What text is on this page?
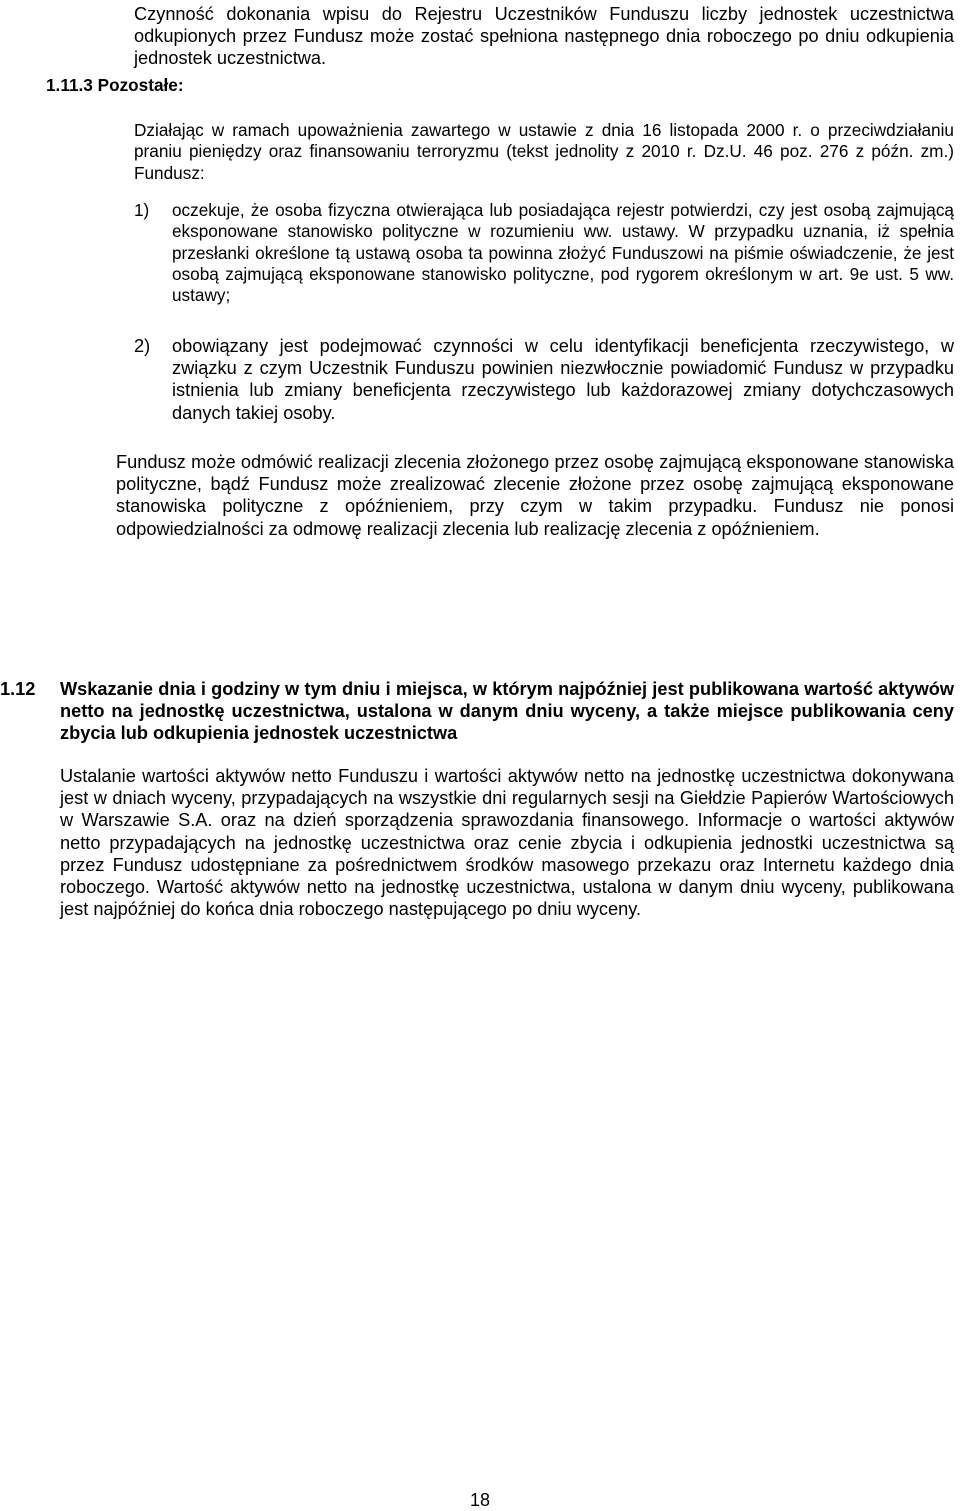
Czynność dokonania wpisu do Rejestru Uczestników Funduszu liczby jednostek uczestnictwa odkupionych przez Fundusz może zostać spełniona następnego dnia roboczego po dniu odkupienia jednostek uczestnictwa.

1.11.3 Pozostałe:

Działając w ramach upoważnienia zawartego w ustawie z dnia 16 listopada 2000 r. o przeciwdziałaniu praniu pieniędzy oraz finansowaniu terroryzmu (tekst jednolity z 2010 r. Dz.U. 46 poz. 276 z późn. zm.) Fundusz:

1)	oczekuje, że osoba fizyczna otwierająca lub posiadająca rejestr potwierdzi, czy jest osobą zajmującą eksponowane stanowisko polityczne w rozumieniu ww. ustawy. W przypadku uznania, iż spełnia przesłanki określone tą ustawą osoba ta powinna złożyć Funduszowi na piśmie oświadczenie, że jest osobą zajmującą eksponowane stanowisko polityczne, pod rygorem określonym w art. 9e ust. 5 ww. ustawy;
2)	obowiązany jest podejmować czynności w celu identyfikacji beneficjenta rzeczywistego, w związku z czym Uczestnik Funduszu powinien niezwłocznie powiadomić Fundusz w przypadku istnienia lub zmiany beneficjenta rzeczywistego lub każdorazowej zmiany dotychczasowych danych takiej osoby.

Fundusz może odmówić realizacji zlecenia złożonego przez osobę zajmującą eksponowane stanowiska polityczne, bądź Fundusz może zrealizować zlecenie złożone przez osobę zajmującą eksponowane stanowiska polityczne z opóźnieniem, przy czym w takim przypadku. Fundusz nie ponosi odpowiedzialności za odmowę realizacji zlecenia lub realizację zlecenia z opóźnieniem.

1.12	Wskazanie dnia i godziny w tym dniu i miejsca, w którym najpóźniej jest publikowana wartość aktywów netto na jednostkę uczestnictwa, ustalona w danym dniu wyceny, a także miejsce publikowania ceny zbycia lub odkupienia jednostek uczestnictwa

Ustalanie wartości aktywów netto Funduszu i wartości aktywów netto na jednostkę uczestnictwa dokonywana jest w dniach wyceny, przypadających na wszystkie dni regularnych sesji na Giełdzie Papierów Wartościowych w Warszawie S.A. oraz na dzień sporządzenia sprawozdania finansowego. Informacje o wartości aktywów netto przypadających na jednostkę uczestnictwa oraz cenie zbycia i odkupienia jednostki uczestnictwa są przez Fundusz udostępniane za pośrednictwem środków masowego przekazu oraz Internetu każdego dnia roboczego. Wartość aktywów netto na jednostkę uczestnictwa, ustalona w danym dniu wyceny, publikowana jest najpóźniej do końca dnia roboczego następującego po dniu wyceny.

18
